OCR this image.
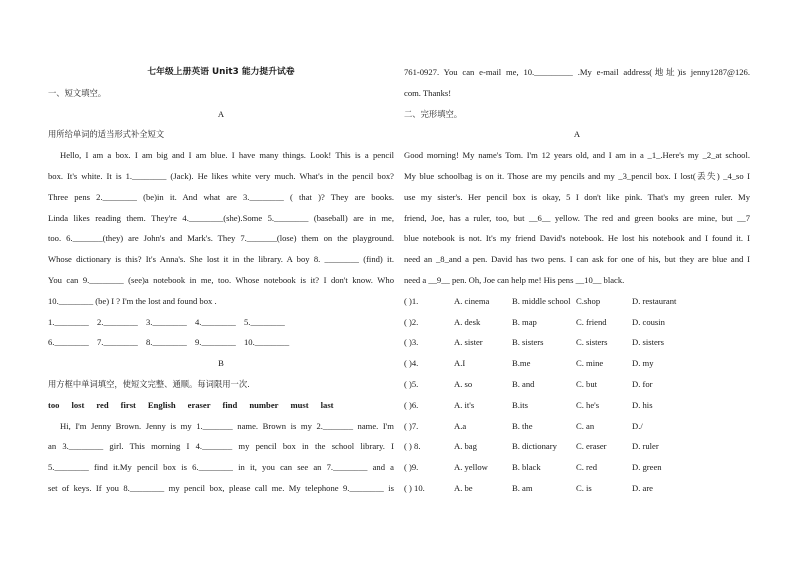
七年级上册英语 Unit3 能力提升试卷
一、短文填空。
A
用所给单词的适当形式补全短文
Hello, I am a box. I am big and I am blue. I have many things. Look! This is a pencil
box. It's white. It is 1.________ (Jack). He likes white very much. What's in the pencil box?
Three pens 2.________ (be)in it. And what are 3.________ ( that )? They are books.
Linda likes reading them. They're 4.________(she).Some 5.________ (baseball) are in me,
too. 6._______(they) are John's and Mark's. They 7._______(lose) them on the playground.
Whose dictionary is this? It's Anna's. She lost it in the library. A boy 8. ________ (find) it.
You can 9.________ (see)a notebook in me, too. Whose notebook is it? I don't know. Who
10.________ (be) I ? I'm the lost and found box .
1.________ 2.________ 3.________ 4.________ 5.________
6.________ 7.________ 8.________ 9.________ 10.________
B
用方框中单词填空，使短文完整、通顺。每词限用一次.
too lost red first English eraser find number must last
Hi, I'm Jenny Brown. Jenny is my 1._______ name. Brown is my 2._______ name. I'm
an 3.________ girl. This morning I 4._______ my pencil box in the school library. I
5.________ find it.My pencil box is 6.________ in it, you can see an 7.________ and a
set of keys. If you 8.________ my pencil box, please call me. My telephone 9.________ is
761-0927. You can e-mail me, 10._________ .My e-mail address(地址)is jenny1287@126.
com. Thanks!
二、完形填空。
A
Good morning! My name's Tom. I'm 12 years old, and I am in a _1_.Here's my _2_at school.
My blue schoolbag is on it. Those are my pencils and my _3_pencil box. I lost(丢失) _4_so I
use my sister's. Her pencil box is okay, 5 I don't like pink. That's my green ruler. My
friend, Joe, has a ruler, too, but __6__ yellow. The red and green books are mine, but __7
blue notebook is not. It's my friend David's notebook. He lost his notebook and I found it. I
need an _8_and a pen. David has two pens. I can ask for one of his, but they are blue and I
need a __9__ pen. Oh, Joe can help me! His pens __10__ black.
( )1.	A. cinema	B. middle school C.shop	D. restaurant
( )2.	A. desk	B. map	C. friend	D. cousin
( )3.	A. sister	B. sisters	C. sisters	D. sisters
( )4.	A.I	B.me	C. mine	D. my
( )5.	A. so	B. and	C. but	D. for
( )6.	A. it's	B.its	C. he's	D. his
( )7.	A.a	B. the	C. an	D./
( ) 8.	A. bag	B. dictionary C. eraser	D. ruler
( )9.	A. yellow	B. black	C. red	D. green
( ) 10.	A. be	B. am	C. is	D. are
